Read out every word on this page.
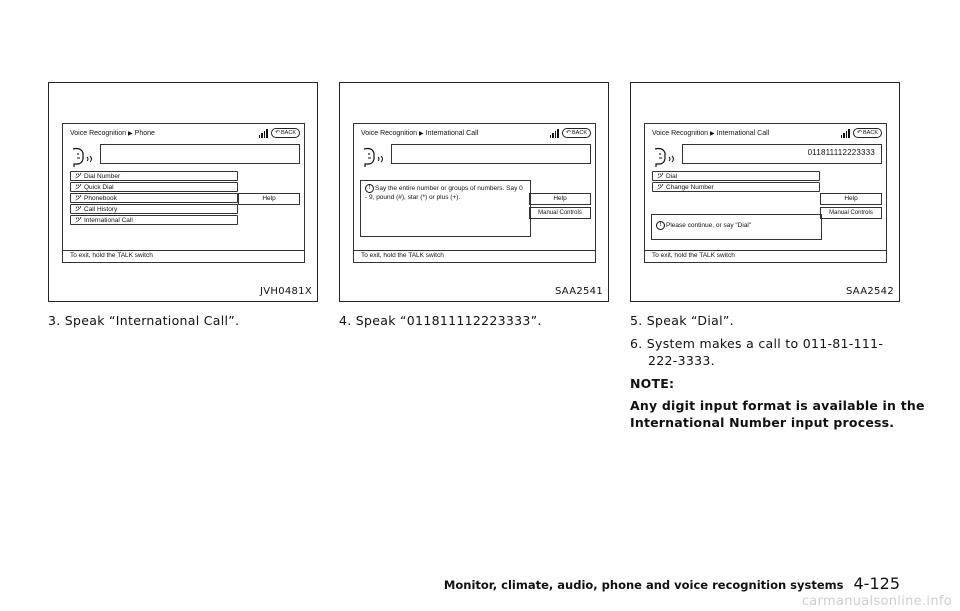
Voice Recognition ▶ Phone	↶ BACK
ツ Dial Number
ツ Quick Dial
ツ Phonebook
ツ Call History
ツ International Call
Help
To exit, hold the TALK switch
JVH0481X
Voice Recognition ▶ International Call	↶ BACK
! Say the entire number or groups of numbers. Say 0 - 9, pound (#), star (*) or plus (+).	Help
Manual Controls
To exit, hold the TALK switch
SAA2541
Voice Recognition ▶ International Call	↶ BACK
011811112223333
ツ Dial
ツ Change Number
! Please continue, or say "Dial"
Help
Manual Controls
To exit, hold the TALK switch
SAA2542
3. Speak “International Call”.	4. Speak “011811112223333”.	5. Speak “Dial”.
6. System makes a call to 011-81-111-
222-3333.
NOTE:
Any digit input format is available in the
International Number input process.
Monitor, climate, audio, phone and voice recognition systems 4-125
carmanualsonline.info
